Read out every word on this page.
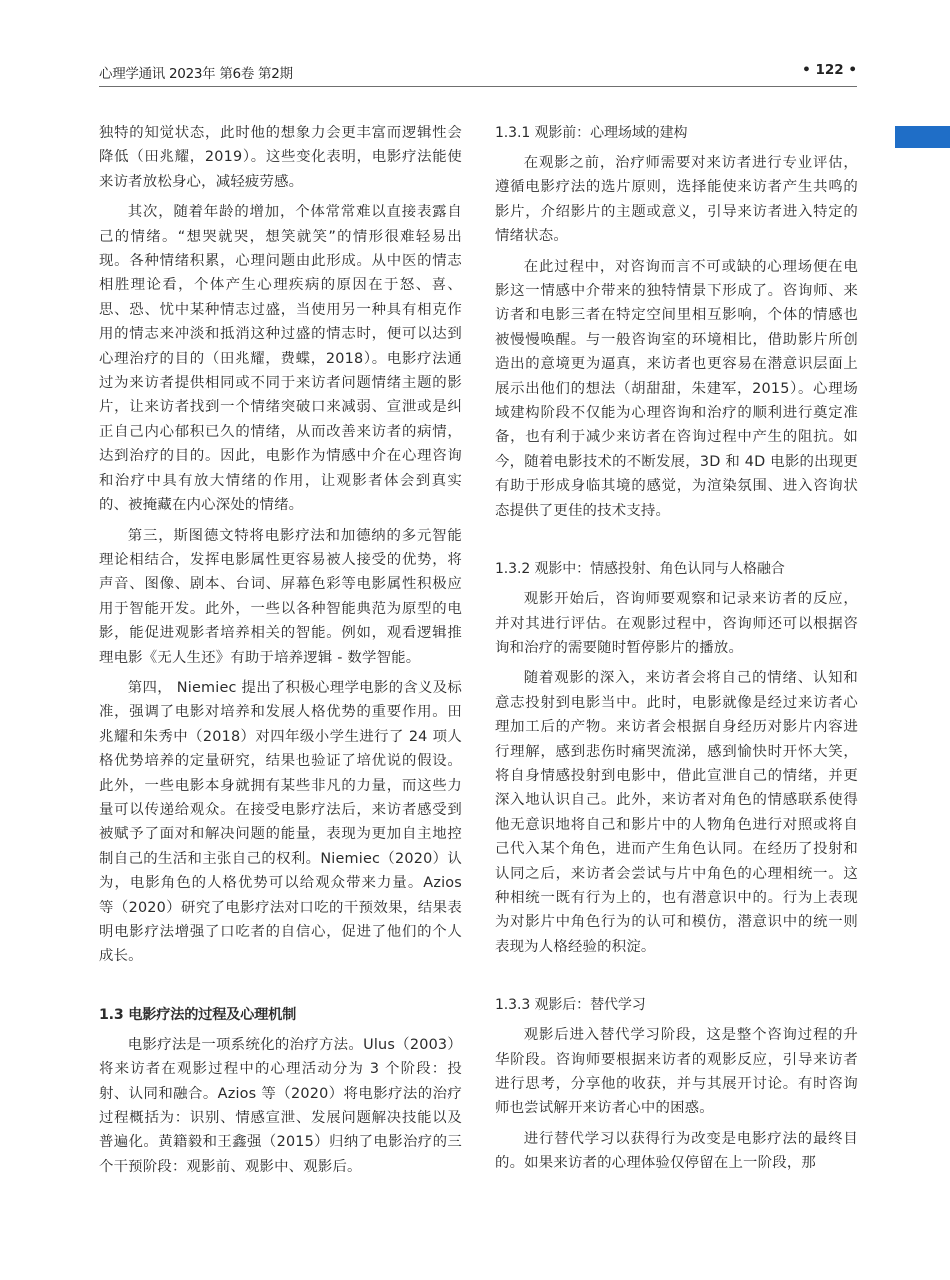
心理学通讯 2023年 第6卷 第2期	• 122 •

独特的知觉状态，此时他的想象力会更丰富而逻辑性会降低（田兆耀，2019）。这些变化表明，电影疗法能使来访者放松身心，减轻疲劳感。

其次，随着年龄的增加，个体常常难以直接表露自己的情绪。“想哭就哭，想笑就笑”的情形很难轻易出现。各种情绪积累，心理问题由此形成。从中医的情志相胜理论看，个体产生心理疾病的原因在于怒、喜、思、恐、忧中某种情志过盛，当使用另一种具有相克作用的情志来冲淡和抵消这种过盛的情志时，便可以达到心理治疗的目的（田兆耀，费蝶，2018）。电影疗法通过为来访者提供相同或不同于来访者问题情绪主题的影片，让来访者找到一个情绪突破口来减弱、宣泄或是纠正自己内心郁积已久的情绪，从而改善来访者的病情，达到治疗的目的。因此，电影作为情感中介在心理咨询和治疗中具有放大情绪的作用，让观影者体会到真实的、被掩藏在内心深处的情绪。

第三，斯图德文特将电影疗法和加德纳的多元智能理论相结合，发挥电影属性更容易被人接受的优势，将声音、图像、剧本、台词、屏幕色彩等电影属性积极应用于智能开发。此外，一些以各种智能典范为原型的电影，能促进观影者培养相关的智能。例如，观看逻辑推理电影《无人生还》有助于培养逻辑 - 数学智能。

第四， Niemiec 提出了积极心理学电影的含义及标准，强调了电影对培养和发展人格优势的重要作用。田兆耀和朱秀中（2018）对四年级小学生进行了 24 项人格优势培养的定量研究，结果也验证了培优说的假设。此外，一些电影本身就拥有某些非凡的力量，而这些力量可以传递给观众。在接受电影疗法后，来访者感受到被赋予了面对和解决问题的能量，表现为更加自主地控制自己的生活和主张自己的权利。Niemiec（2020）认为，电影角色的人格优势可以给观众带来力量。Azios 等（2020）研究了电影疗法对口吃的干预效果，结果表明电影疗法增强了口吃者的自信心，促进了他们的个人成长。

1.3 电影疗法的过程及心理机制

电影疗法是一项系统化的治疗方法。Ulus（2003）将来访者在观影过程中的心理活动分为 3 个阶段：投射、认同和融合。Azios 等（2020）将电影疗法的治疗过程概括为：识别、情感宣泄、发展问题解决技能以及普遍化。黄籍毅和王鑫强（2015）归纳了电影治疗的三个干预阶段：观影前、观影中、观影后。

1.3.1 观影前：心理场域的建构

在观影之前，治疗师需要对来访者进行专业评估，遵循电影疗法的选片原则，选择能使来访者产生共鸣的影片，介绍影片的主题或意义，引导来访者进入特定的情绪状态。

在此过程中，对咨询而言不可或缺的心理场便在电影这一情感中介带来的独特情景下形成了。咨询师、来访者和电影三者在特定空间里相互影响，个体的情感也被慢慢唤醒。与一般咨询室的环境相比，借助影片所创造出的意境更为逼真，来访者也更容易在潜意识层面上展示出他们的想法（胡甜甜，朱建军，2015）。心理场域建构阶段不仅能为心理咨询和治疗的顺利进行奠定准备，也有利于减少来访者在咨询过程中产生的阻抗。如今，随着电影技术的不断发展，3D 和 4D 电影的出现更有助于形成身临其境的感觉，为渲染氛围、进入咨询状态提供了更佳的技术支持。

1.3.2 观影中：情感投射、角色认同与人格融合

观影开始后，咨询师要观察和记录来访者的反应，并对其进行评估。在观影过程中，咨询师还可以根据咨询和治疗的需要随时暂停影片的播放。

随着观影的深入，来访者会将自己的情绪、认知和意志投射到电影当中。此时，电影就像是经过来访者心理加工后的产物。来访者会根据自身经历对影片内容进行理解，感到悲伤时痛哭流涕，感到愉快时开怀大笑，将自身情感投射到电影中，借此宣泄自己的情绪，并更深入地认识自己。此外，来访者对角色的情感联系使得他无意识地将自己和影片中的人物角色进行对照或将自己代入某个角色，进而产生角色认同。在经历了投射和认同之后，来访者会尝试与片中角色的心理相统一。这种相统一既有行为上的，也有潜意识中的。行为上表现为对影片中角色行为的认可和模仿，潜意识中的统一则表现为人格经验的积淀。

1.3.3 观影后：替代学习

观影后进入替代学习阶段，这是整个咨询过程的升华阶段。咨询师要根据来访者的观影反应，引导来访者进行思考，分享他的收获，并与其展开讨论。有时咨询师也尝试解开来访者心中的困惑。

进行替代学习以获得行为改变是电影疗法的最终目的。如果来访者的心理体验仅停留在上一阶段，那
